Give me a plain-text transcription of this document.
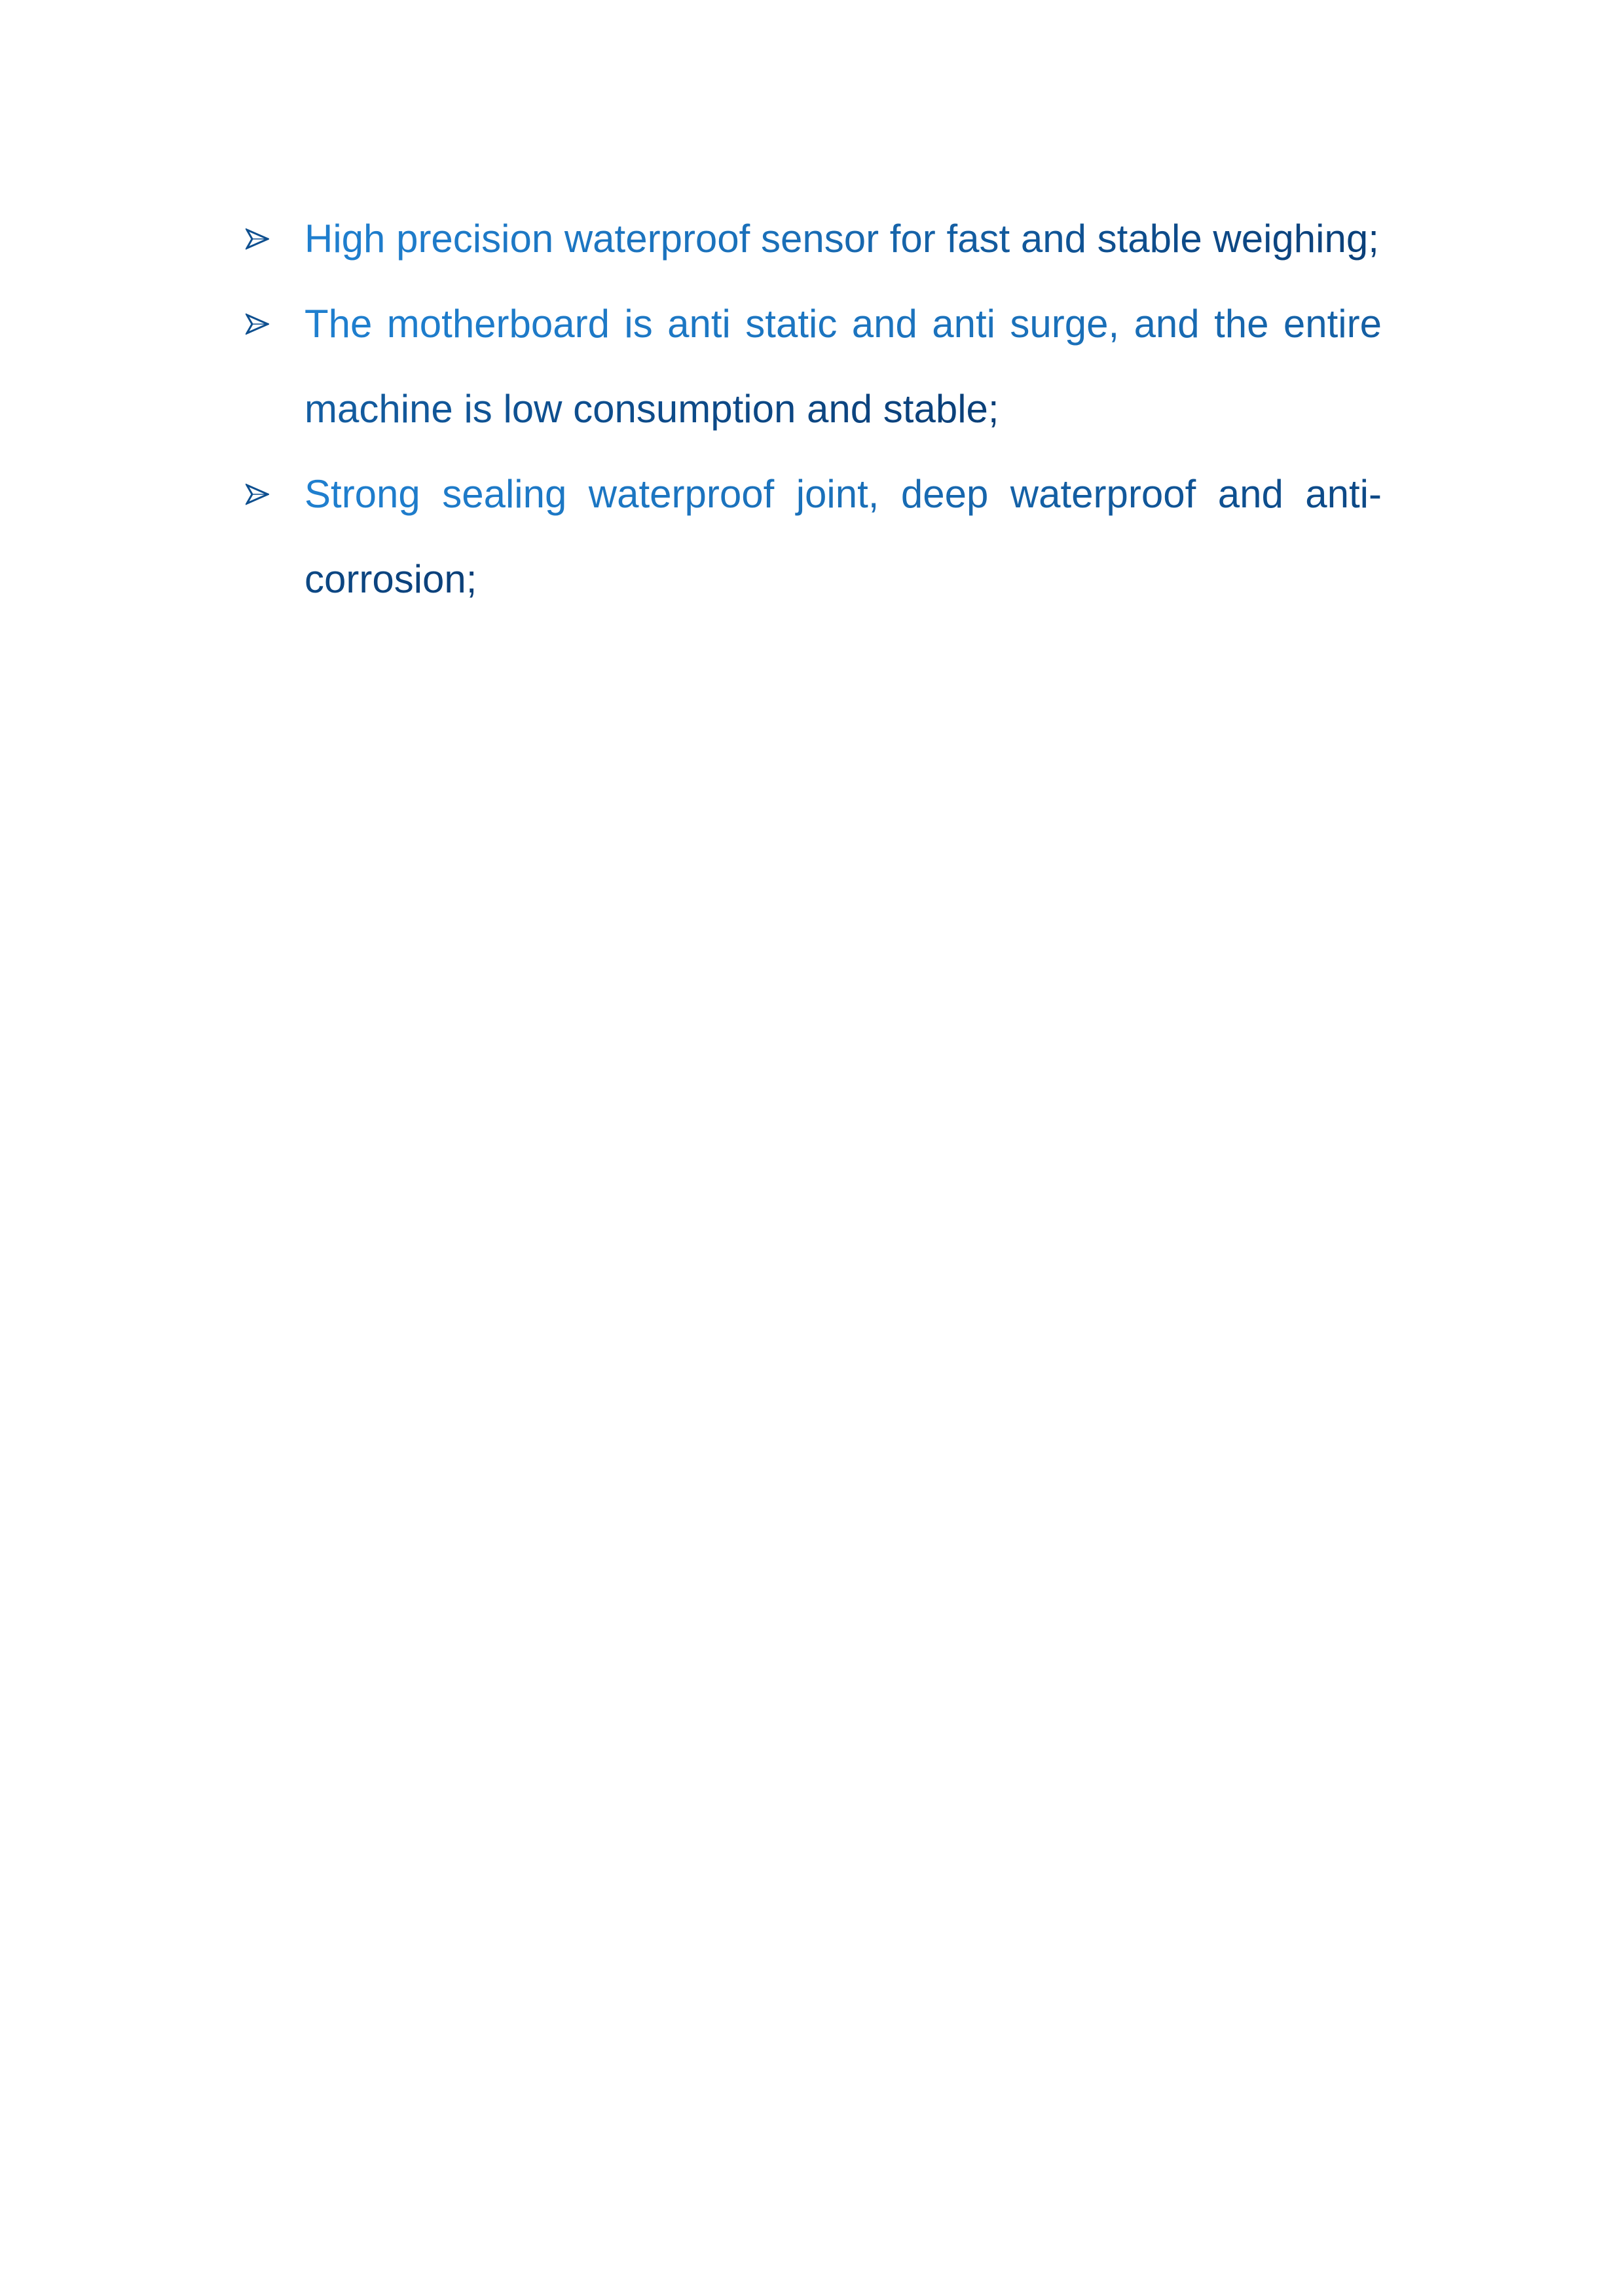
High precision waterproof sensor for fast and stable weighing;
The motherboard is anti static and anti surge, and the entire machine is low consumption and stable;
Strong sealing waterproof joint, deep waterproof and anti-corrosion;
